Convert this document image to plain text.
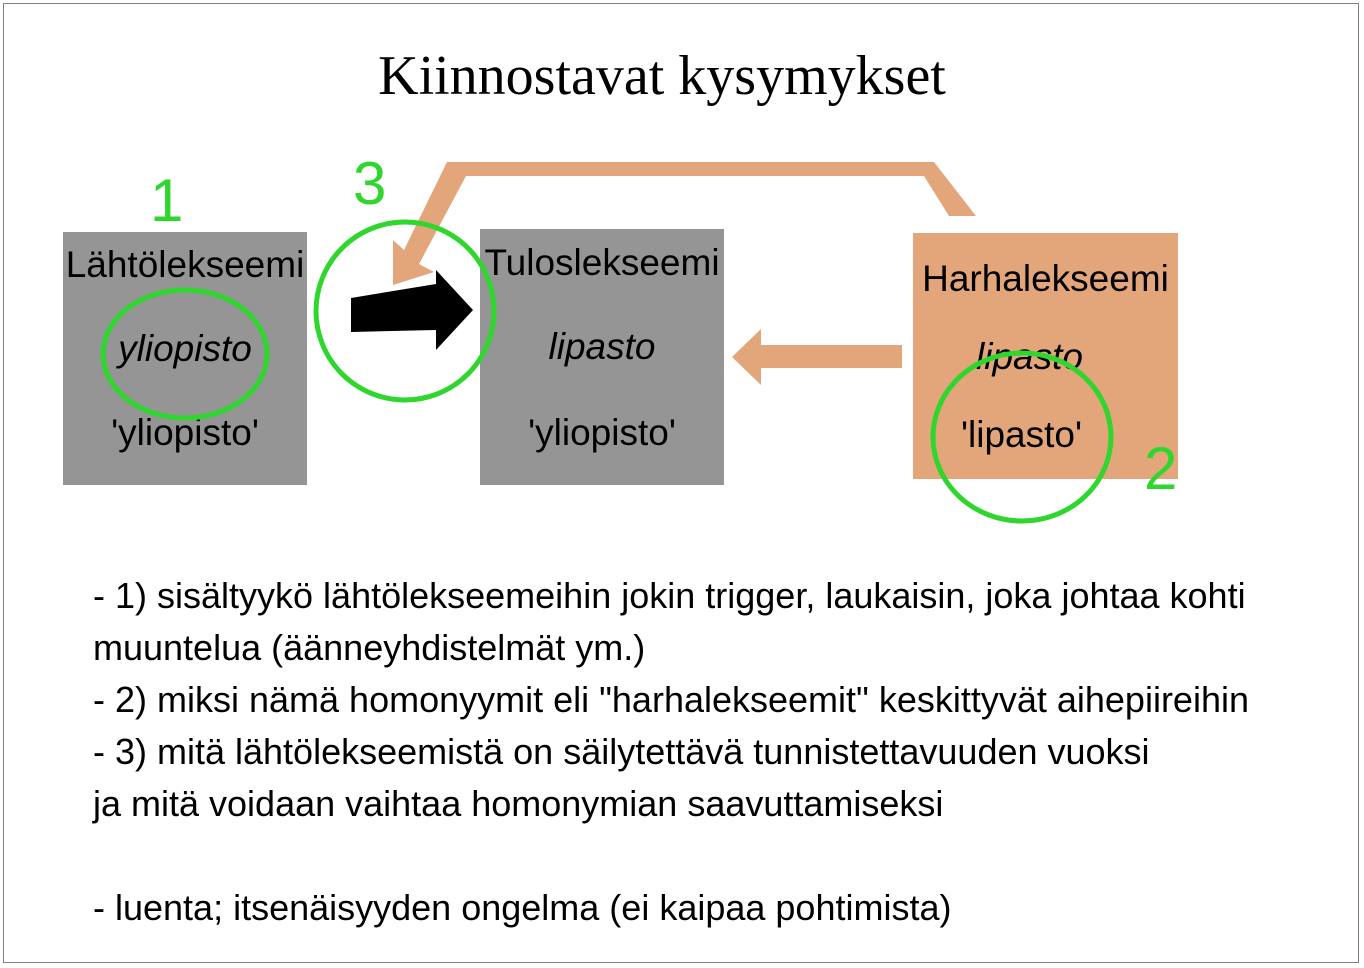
Kiinnostavat kysymykset
Lähtölekseemi
yliopisto
'yliopisto'
Tuloslekseemi
lipasto
'yliopisto'
Harhalekseemi
lipasto
'lipasto'
1	3
2
- 1) sisältyykö lähtölekseemeihin jokin trigger, laukaisin, joka johtaa kohti
muuntelua (äänneyhdistelmät ym.)
- 2) miksi nämä homonyymit eli "harhalekseemit" keskittyvät aihepiireihin
- 3) mitä lähtölekseemistä on säilytettävä tunnistettavuuden vuoksi
ja mitä voidaan vaihtaa homonymian saavuttamiseksi

- luenta; itsenäisyyden ongelma (ei kaipaa pohtimista)
